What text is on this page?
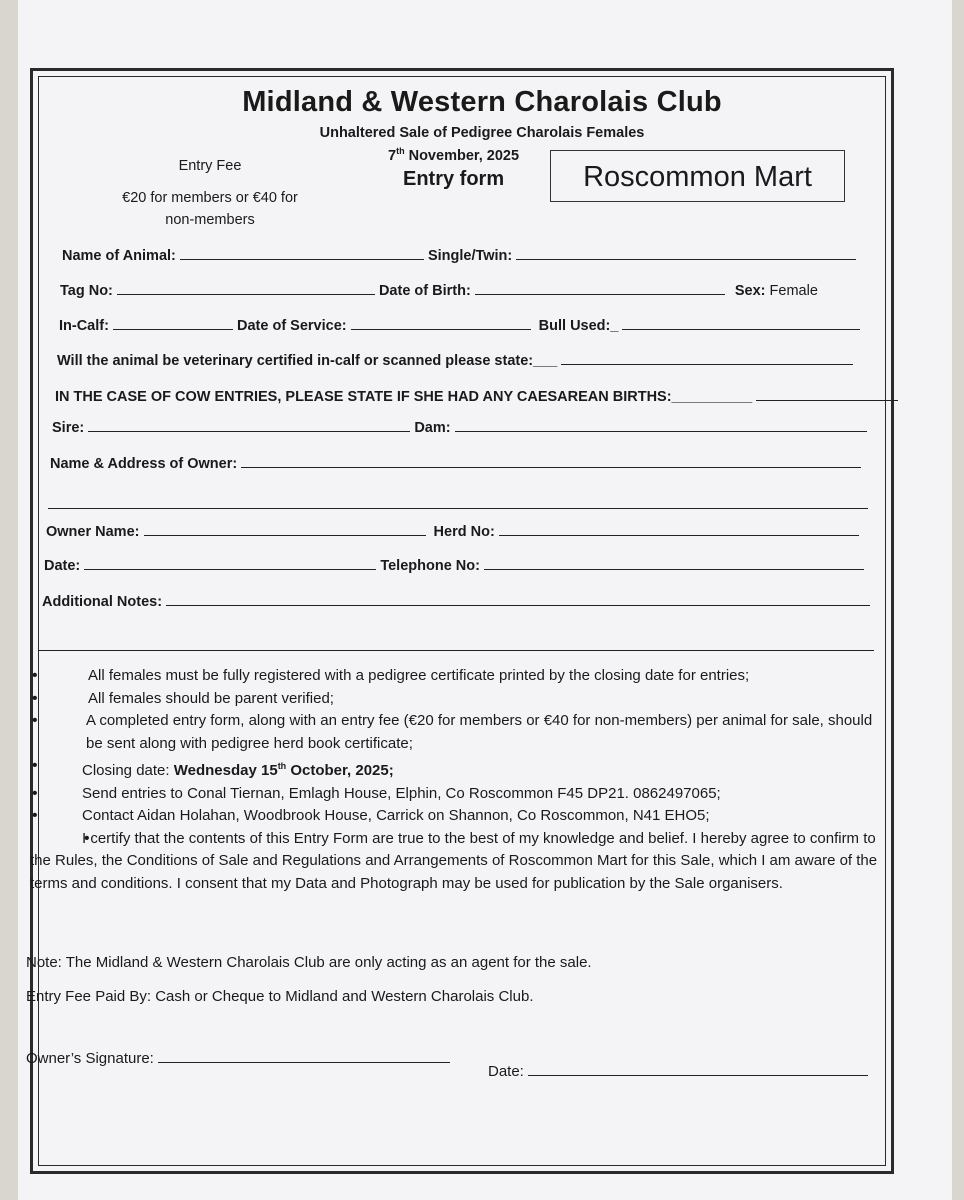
Midland & Western Charolais Club
Unhaltered Sale of Pedigree Charolais Females
7th November, 2025
Entry form
Entry Fee
€20 for members or €40 for
non-members
Roscommon Mart
Name of Animal:	Single/Twin:
Tag No:	Date of Birth:	Sex: Female
In-Calf:	Date of Service:	Bull Used:_
Will the animal be veterinary certified in-calf or scanned please state:___
IN THE CASE OF COW ENTRIES, PLEASE STATE IF SHE HAD ANY CAESAREAN BIRTHS:__________
Sire:	Dam:
Name & Address of Owner:
Owner Name:	Herd No:
Date:	Telephone No:
Additional Notes:
• All females must be fully registered with a pedigree certificate printed by the closing date for entries;
• All females should be parent verified;
• A completed entry form, along with an entry fee (€20 for members or €40 for non-members) per animal for sale, should be sent along with pedigree herd book certificate;
• Closing date: Wednesday 15th October, 2025;
• Send entries to Conal Tiernan, Emlagh House, Elphin, Co Roscommon F45 DP21. 0862497065;
• Contact Aidan Holahan, Woodbrook House, Carrick on Shannon, Co Roscommon, N41 EHO5;
• I certify that the contents of this Entry Form are true to the best of my knowledge and belief. I hereby agree to confirm to the Rules, the Conditions of Sale and Regulations and Arrangements of Roscommon Mart for this Sale, which I am aware of the terms and conditions. I consent that my Data and Photograph may be used for publication by the Sale organisers.
Note: The Midland & Western Charolais Club are only acting as an agent for the sale.
Entry Fee Paid By: Cash or Cheque to Midland and Western Charolais Club.
Owner’s Signature:
Date:
